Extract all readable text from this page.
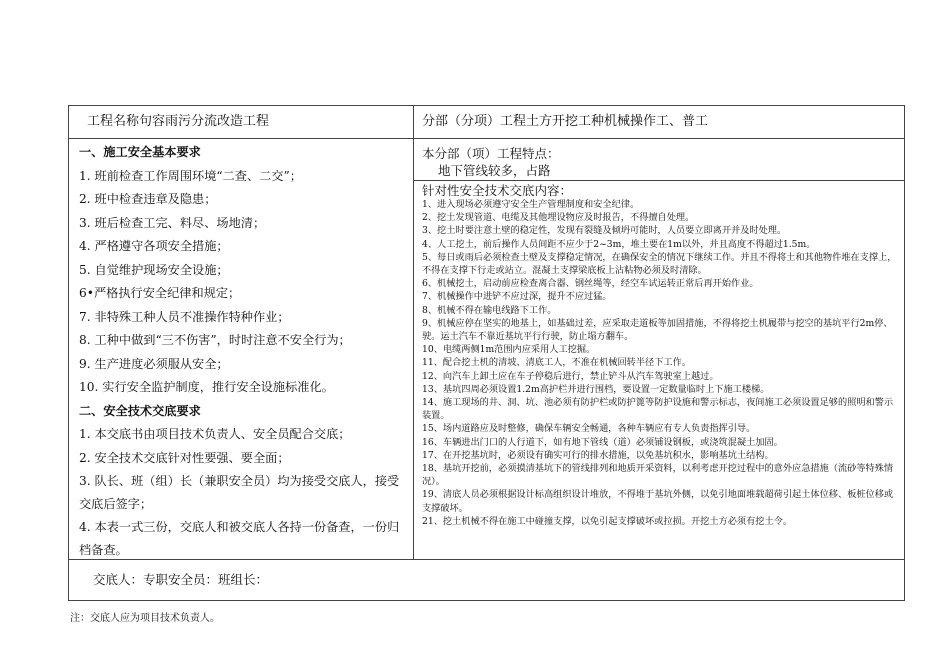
工程名称句容雨污分流改造工程	分部（分项）工程土方开挖工种机械操作工、普工
一、施工安全基本要求
1. 班前检查工作周围环境“二查、二交”；
2. 班中检查违章及隐患；
3. 班后检查工完、料尽、场地清；
4. 严格遵守各项安全措施；
5. 自觉维护现场安全设施；
6•严格执行安全纪律和规定；
7. 非特殊工种人员不准操作特种作业；
8. 工种中做到“三不伤害”，时时注意不安全行为；
9. 生产进度必须服从安全；
10. 实行安全监护制度，推行安全设施标准化。
二、安全技术交底要求
1. 本交底书由项目技术负责人、安全员配合交底；
2. 安全技术交底针对性要强、要全面；
3. 队长、班（组）长（兼职安全员）均为接受交底人，接受交底后签字；
4. 本表一式三份，交底人和被交底人各持一份备查，一份归档备查。
本分部（项）工程特点：
地下管线较多，占路
针对性安全技术交底内容：
1、进入现场必须遵守安全生产管理制度和安全纪律。
2、挖土发现管道、电缆及其他埋设物应及时报告，不得擅自处理。
3、挖土时要注意土壁的稳定性，发现有裂缝及倾坍可能时，人员要立即离开并及时处理。
4、人工挖土，前后操作人员间距不应少于2~3m，堆土要在1m以外，并且高度不得超过1.5m。
5、每日或雨后必须检查土壁及支撑稳定情况，在确保安全的情况下继续工作。并且不得将土和其他物件堆在支撑上，不得在支撑下行走或站立。混凝土支撑梁底板上沾粘物必须及时清除。
6、机械挖土，启动前应检查离合器、钢丝绳等，经空车试运转正常后再开始作业。
7、机械操作中进铲不应过深，提升不应过猛。
8、机械不得在输电线路下工作。
9、机械应停在坚实的地基上，如基础过差，应采取走道板等加固措施，不得将挖土机履带与挖空的基坑平行2m停、驶。运土汽车不靠近基坑平行行驶，防止塌方翻车。
10、电缆两侧1m范围内应采用人工挖掘。
11、配合挖土机的清坡、清底工人，不准在机械回转半径下工作。
12、向汽车上卸土应在车子停稳后进行，禁止铲斗从汽车驾驶室上越过。
13、基坑四周必须设置1.2m高护栏并进行围档，要设置一定数量临时上下施工楼梯。
14、施工现场的井、洞、坑、池必须有防护栏或防护篦等防护设施和警示标志，夜间施工必须设置足够的照明和警示装置。
15、场内道路应及时整修，确保车辆安全畅通，各种车辆应有专人负责指挥引导。
16、车辆进出门口的人行道下，如有地下管线（道）必须铺设钢板，或浇筑混凝土加固。
17、在开挖基坑时，必须设有确实可行的排水措施，以免基坑积水，影响基坑土结构。
18、基坑开挖前，必须摸清基坑下的管线排列和地质开采资料，以利考虑开挖过程中的意外应急措施（流砂等特殊情况）。
19、清底人员必须根据设计标高组织设计堆放，不得堆于基坑外侧，以免引地面堆载超荷引起土体位移、板桩位移或支撑破坏。
21、挖土机械不得在施工中碰撞支撑，以免引起支撑破坏或拉损。开挖土方必须有挖土令。
交底人：专职安全员：班组长：
注：交底人应为项目技术负责人。
